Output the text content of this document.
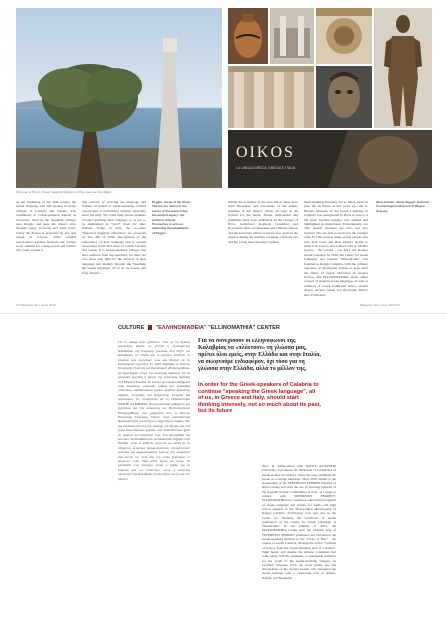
Olive tree at Pyrgos. Pastor Kalabrias Makriyoros (Olive tree near Rombiglio)...
OIKOS
LA LINGUA GRECA: GRECIA E ITALIA
At the beginning of the 20th century the Greek language was still spoken in many villages of Calabria and Salento. The community of Greek-speakers, known as Grecanici, lived in the mountain villages near Reggio and kept the dialect alive through songs, proverbs and daily work. Today the dialect is protected by law and taught in schools, while cultural associations organise festivals and courses every summer for young people and visitors who wish to learn it.
The activity of reviving the language and Culture on behalf of Greek-speaking cultural associations is particularly intense, especially since the early 70s. Until then, Greek speakers avoided speaking their language so as not to be stigmatized as "rural", from the other Italians. Today, in Italy, the so-called "historical linguistic minorities" are protected by law 482 of 1999. Recognition of the importance of their language that is spoken necessarily arises that Areas of Greek Calabria and Greek. It is Greek-speaking villages that have suffered from depopulation, yet there are also those who fight for the survival of their language and identity through the 'Speaking the Greek language', all of us, in Greece and Italy, should...
Reggio, Arena of the Strait. The bronze statue in the centre of the arena holds the ancient legacy: the goddess Athena Promachos in armour, defending the inhabitants of Reggio.
Within the activities of the association, there have been interviews and recordings of the elderly speakers of the dialect, which are kept in the archive for the future. Books, dictionaries and grammars have been published. In the villages of Bova, Gallicianò, Roghudi, Condofuri and Roccaforte there are museums and cultural centres, and the Grecanici dialect is heard once again in the squares during the summer evenings, when the old and the young meet and sing together.
Short thinking interestly, not so much about its past, but its future. A few years ago, the G. Rhodes Museum of the Greek Language in Calabria was inaugurated in Bova in honor of the great German linguist who studied and highlighted its importance. Unfortunately, not only natural speakers are rare, but also teachers who are able to teach it to the younger ones. For this reason, many young people who love their roots and their identity decide to study it in Greece and connect with it. Mother Greece - the Greeks - can learn the modern Greek language. In 2016, the Center for Greek Language and Culture "Ellinomathia" was founded in Reggio Calabria, with the primary objective of developing actions to keep alive the flame of Greek education in Greater Greece. The ELLINOMATHIA center offers courses of modern Greek language, as well as seminars of Greek traditional dance, ancient drama, ancient Greek and Byzantine history and civilization.
Olive branch, detail, Reggio. National Archaeological Museum of Magna Graecia.
22 Magazine title | issue 2019	Magazine title | issue 2019 23
CULTURE "ΕΛΛΗΝΟΜΑΘΕΙΑ" "ELLINOMATHIA" CENTER
Για το όραμα αυτό ξεκίνησε, όταν με τις πρώτες φιλοδοξίες άρχισε να γίνεται η συστηματική διδασκαλία της ελληνικής γλώσσας. Στη Ρήγιο της Καλαβρίας, τα παιδιά και οι μεγάλοι αγαπούν τη γλώσσα των προγόνων τους και θέλουν να τη διατηρήσουν ζωντανή. Το 2016 ιδρύθηκε το Κέντρο Ελληνικής Γλώσσας και Πολιτισμού «Ελληνομάθεια» με πρωταρχικό στόχο την ανάπτυξη δράσεων για να κρατηθεί ζωντανή η φλόγα της ελληνικής παιδείας στη Μεγάλη Ελλάδα. Το κέντρο προσφέρει μαθήματα νέας ελληνικής γλώσσας, καθώς και σεμινάρια ελληνικών παραδοσιακών χορών, αρχαίου δράματος, αρχαίας ελληνικής και βυζαντινής ιστορίας και πολιτισμού. Σε συνεργασία με το Πανεπιστήμιο DANTE ALIGHIERI, διοργανώνονται μαθήματα και εξετάσεις για την απόκτηση του Πιστοποιητικού Ελληνομάθειας, που χορηγείται από το Κέντρο Ελληνικής Γλώσσας. Πλέον στην εκπαιδευτική δραστηριότητα του κέντρου συμμετέχουν παιδιά, νέοι και ενήλικες από όλη την περιοχή του Ρηγίου και των γύρω ελληνόφωνων χωριών, που ανακαλύπτουν ξανά τη γλώσσα των προγόνων τους. Στα καλοκαίρια του κέντρου περιλαμβάνονται εκπαιδευτικά ταξίδια στην Ελλάδα, όπου οι μαθητές έρχονται σε επαφή με τη σύγχρονη ελληνική πραγματικότητα, επισκέπτονται μουσεία και αρχαιολογικούς χώρους και γνωρίζουν από κοντά τον τόπο από τον οποίο ξεκίνησαν οι πρόγονοί τους. Όλα αυτά έχουν ως στόχο να μεταδοθεί στις νεότερες γενιές η αγάπη για τη γλώσσα και τον πολιτισμό, ώστε η ελληνική ταυτότητα της Καλαβρίας να συνεχίσει να ζει και στο μέλλον.
Για να συνεχίσουν οι ελληνόφωνοι της Καλαβρίας να «πλέκτουν» τη γλώσσα μας, πρέπει όλοι εμείς, στην Ελλάδα και στην Ιταλία, να σκεφτούμε ενδιαφέρον, όχι τόσο για τη γλώσσα στην Ελλάδα, αλλά το μέλλον της.
In order for the Greek-speakers of Calabria to continue "speaking the Greek language", all of us, in Greece and Italy, should start thinking intensely, not so much about its past, but its future
Also, in collaboration with DANTE ALIGHIERI University, it promotes the institution of Certificates of Greek studies in Calabria, where the ones examined are Greek as a foreign language. Since 2018, thanks to the sponsorship of the SUPERFAST FERRIES member of Attica Group and with the use of teaching material of the program "Greek Communities of Italy - A voyage to culture with SUPERFAST FERRIES", ELLINOMATHIA has conducted educational programs of Greek language and culture for adults and high school students in the Metropolitan Municipality of Reggio Calabria. Participants took part also in the events for obtaining the Certificate of Greek proficiency of the Centre for Greek Language of Thessaloniki. In the summer of 2021, the ELLINOMATHIA Center with the valuable help of SUPERFAST FERRIES promoted and introduced the Greek-speaking students to the "Chora of Hera" - the capital of Greek Calabria, through the action "Citizens of Greece from the Greek-speaking area of Calabria". Eight hours, and despite the adverse conditions that came along with the pandemic, a remarkable initiative for the youth of the Greek-speaking villages, an excellent response from the local bodies and the descendants of the ancient Greeks who honoured the Greek heritage with a week-long tour of Athens, Nafplio and Epidaurus.
